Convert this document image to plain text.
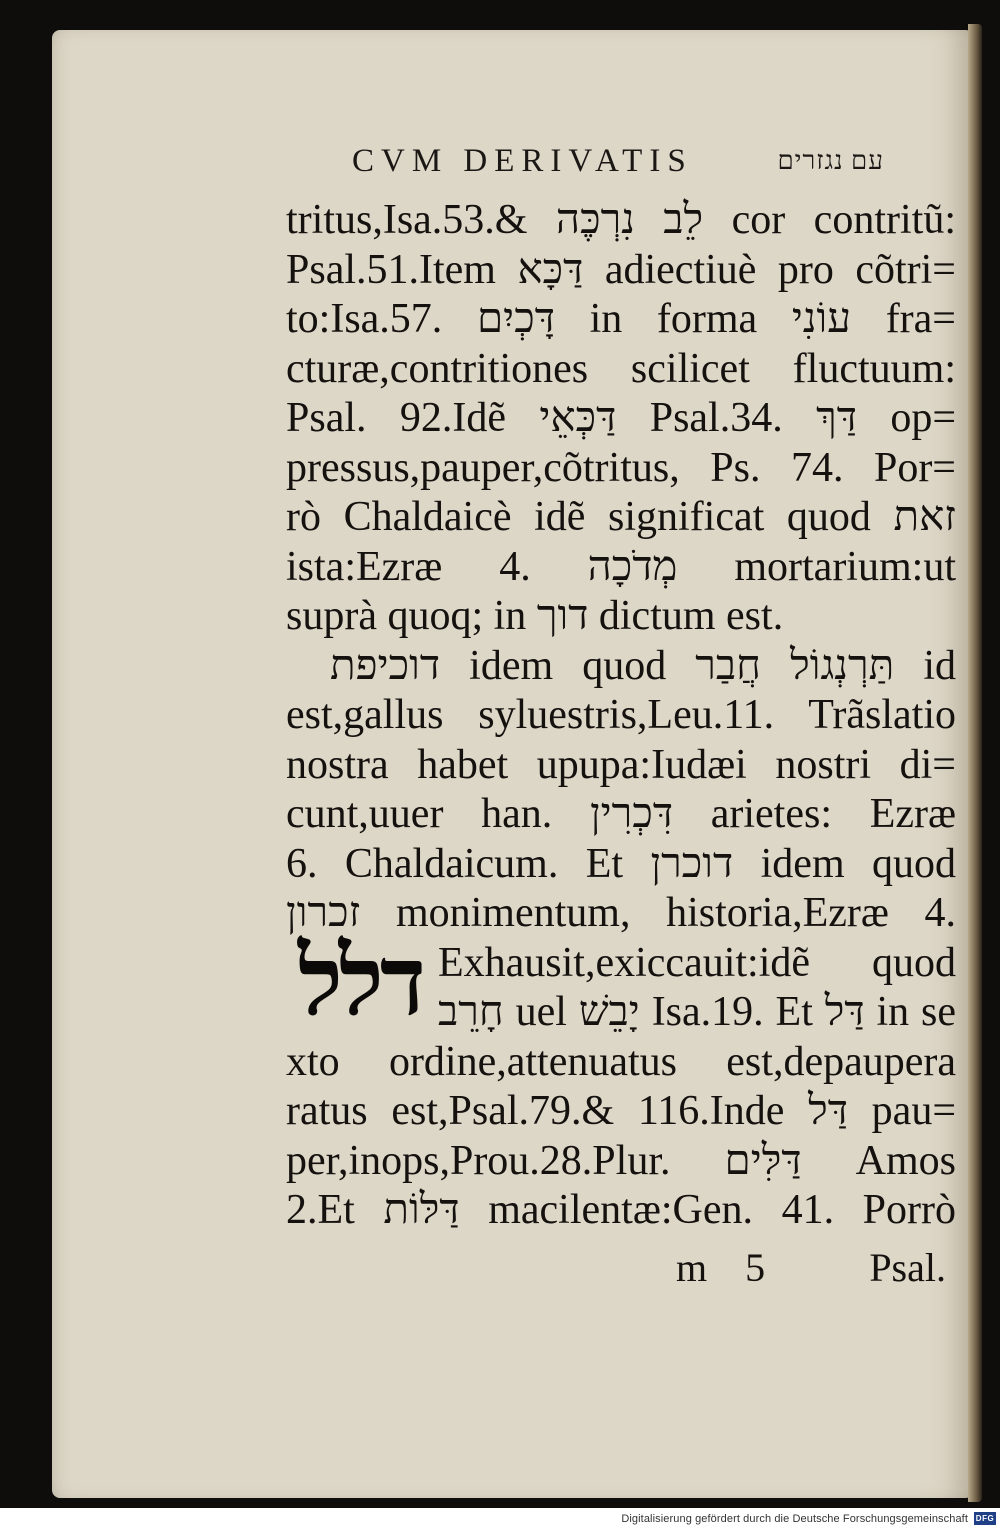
CVM DERIVATIS	עם נגזרים
tritus,Isa.53.& לֵב נִרְכֶּה cor contritũ:
Psal.51.Item דַּכָּא adiectiuè pro cõtri=
to:Isa.57. דָּכְיִם in forma עוֹנִי fra=
cturæ,contritiones scilicet fluctuum:
Psal. 92.Idẽ דַּכְּאֵי Psal.34. דַּךְ op=
pressus,pauper,cõtritus, Ps. 74. Por=
rò Chaldaicè idẽ significat quod זאת
ista:Ezræ 4. מְדֹכָה mortarium:ut
suprà quoq; in דוך dictum est.
דוכיפת idem quod תַּרְנְגוֹל חֲבַר id
est,gallus syluestris,Leu.11. Trãslatio
nostra habet upupa:Iudæi nostri di=
cunt,uuer han. דִּכְרִין arietes: Ezræ
6. Chaldaicum. Et דוכרן idem quod
זכרון monimentum, historia,Ezræ 4.
דלל Exhausit,exiccauit:idẽ quod
חָרֵב uel יָבֵשׁ Isa.19. Et דַּל in se
xto ordine,attenuatus est,depaupera
ratus est,Psal.79.& 116.Inde דַּל pau=
per,inops,Prou.28.Plur. דַּלִּים Amos
2.Et דַּלּוֹת macilentæ:Gen. 41. Porrò
m 5	Psal.
Digitalisierung gefördert durch die Deutsche Forschungsgemeinschaft DFG
